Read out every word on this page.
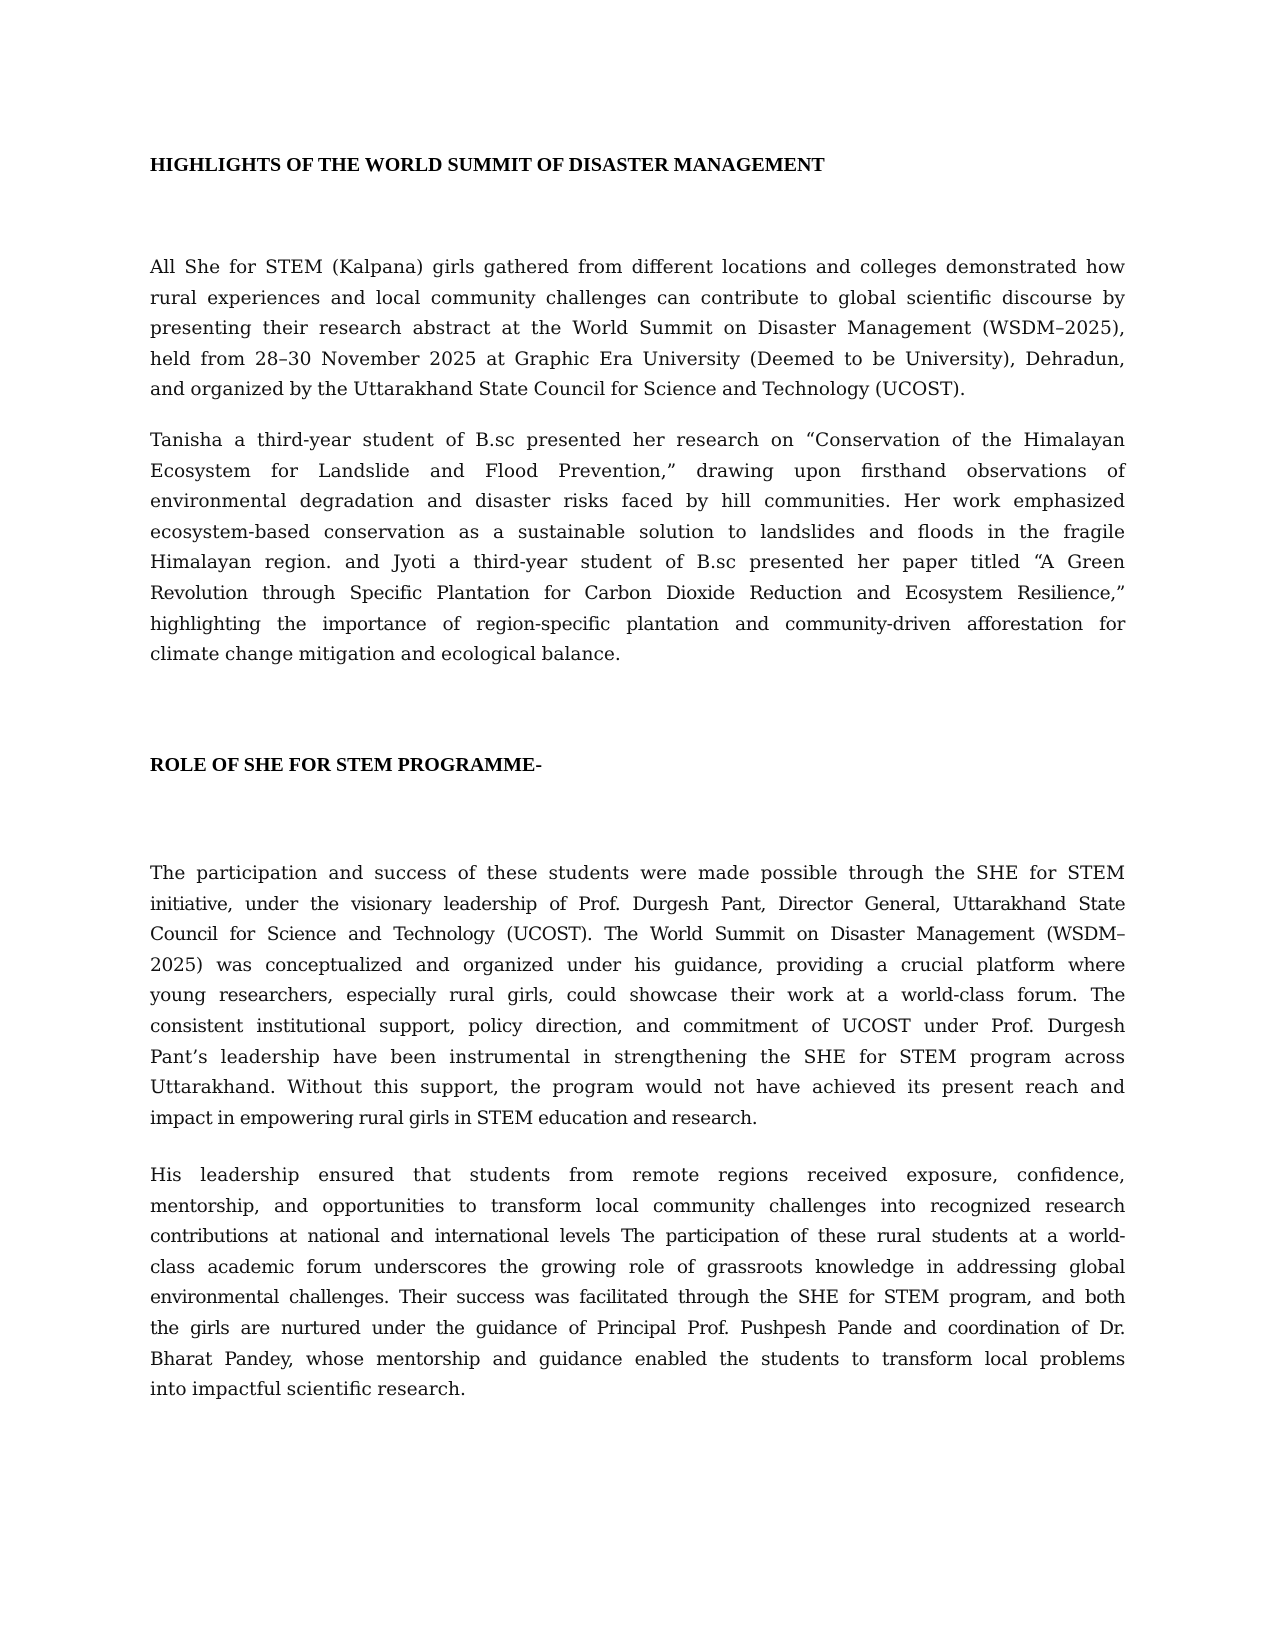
HIGHLIGHTS OF THE WORLD SUMMIT OF DISASTER MANAGEMENT
All She for STEM (Kalpana) girls gathered from different locations and colleges demonstrated how
rural experiences and local community challenges can contribute to global scientific discourse by
presenting their research abstract at the World Summit on Disaster Management (WSDM–2025),
held from 28–30 November 2025 at Graphic Era University (Deemed to be University), Dehradun,
and organized by the Uttarakhand State Council for Science and Technology (UCOST).
Tanisha a third-year student of B.sc presented her research on “Conservation of the Himalayan
Ecosystem for Landslide and Flood Prevention,” drawing upon firsthand observations of
environmental degradation and disaster risks faced by hill communities. Her work emphasized
ecosystem-based conservation as a sustainable solution to landslides and floods in the fragile
Himalayan region. and Jyoti a third-year student of B.sc presented her paper titled “A Green
Revolution through Specific Plantation for Carbon Dioxide Reduction and Ecosystem Resilience,”
highlighting the importance of region-specific plantation and community-driven afforestation for
climate change mitigation and ecological balance.
ROLE OF SHE FOR STEM PROGRAMME-
The participation and success of these students were made possible through the SHE for STEM
initiative, under the visionary leadership of Prof. Durgesh Pant, Director General, Uttarakhand State
Council for Science and Technology (UCOST). The World Summit on Disaster Management (WSDM–
2025) was conceptualized and organized under his guidance, providing a crucial platform where
young researchers, especially rural girls, could showcase their work at a world-class forum. The
consistent institutional support, policy direction, and commitment of UCOST under Prof. Durgesh
Pant’s leadership have been instrumental in strengthening the SHE for STEM program across
Uttarakhand. Without this support, the program would not have achieved its present reach and
impact in empowering rural girls in STEM education and research.
His leadership ensured that students from remote regions received exposure, confidence,
mentorship, and opportunities to transform local community challenges into recognized research
contributions at national and international levels The participation of these rural students at a world-
class academic forum underscores the growing role of grassroots knowledge in addressing global
environmental challenges. Their success was facilitated through the SHE for STEM program, and both
the girls are nurtured under the guidance of Principal Prof. Pushpesh Pande and coordination of Dr.
Bharat Pandey, whose mentorship and guidance enabled the students to transform local problems
into impactful scientific research.
